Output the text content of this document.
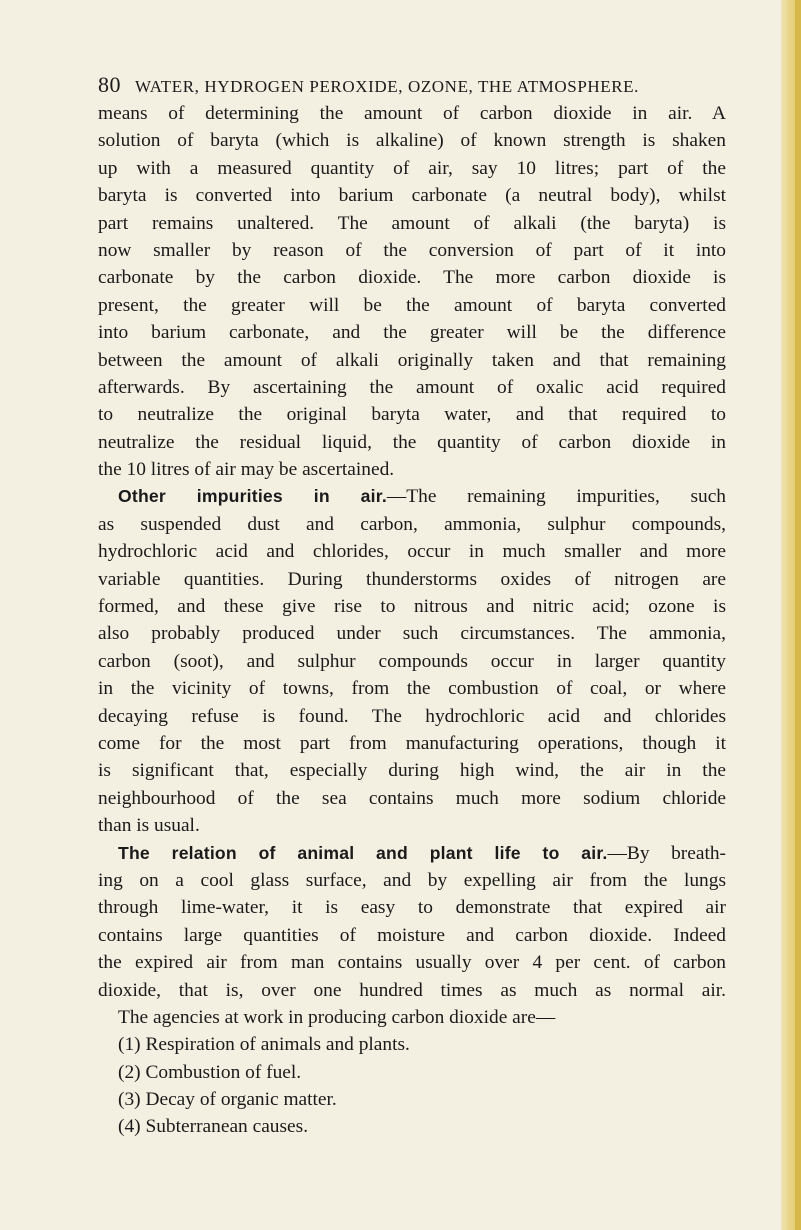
80 WATER, HYDROGEN PEROXIDE, OZONE, THE ATMOSPHERE.
means of determining the amount of carbon dioxide in air. A
solution of baryta (which is alkaline) of known strength is shaken
up with a measured quantity of air, say 10 litres; part of the
baryta is converted into barium carbonate (a neutral body), whilst
part remains unaltered. The amount of alkali (the baryta) is
now smaller by reason of the conversion of part of it into
carbonate by the carbon dioxide. The more carbon dioxide is
present, the greater will be the amount of baryta converted
into barium carbonate, and the greater will be the difference
between the amount of alkali originally taken and that remaining
afterwards. By ascertaining the amount of oxalic acid required
to neutralize the original baryta water, and that required to
neutralize the residual liquid, the quantity of carbon dioxide in
the 10 litres of air may be ascertained.
Other impurities in air.—The remaining impurities, such
as suspended dust and carbon, ammonia, sulphur compounds,
hydrochloric acid and chlorides, occur in much smaller and more
variable quantities. During thunderstorms oxides of nitrogen are
formed, and these give rise to nitrous and nitric acid; ozone is
also probably produced under such circumstances. The ammonia,
carbon (soot), and sulphur compounds occur in larger quantity
in the vicinity of towns, from the combustion of coal, or where
decaying refuse is found. The hydrochloric acid and chlorides
come for the most part from manufacturing operations, though it
is significant that, especially during high wind, the air in the
neighbourhood of the sea contains much more sodium chloride
than is usual.
The relation of animal and plant life to air.—By breath-
ing on a cool glass surface, and by expelling air from the lungs
through lime-water, it is easy to demonstrate that expired air
contains large quantities of moisture and carbon dioxide. Indeed
the expired air from man contains usually over 4 per cent. of carbon
dioxide, that is, over one hundred times as much as normal air.
The agencies at work in producing carbon dioxide are—
(1) Respiration of animals and plants.
(2) Combustion of fuel.
(3) Decay of organic matter.
(4) Subterranean causes.
